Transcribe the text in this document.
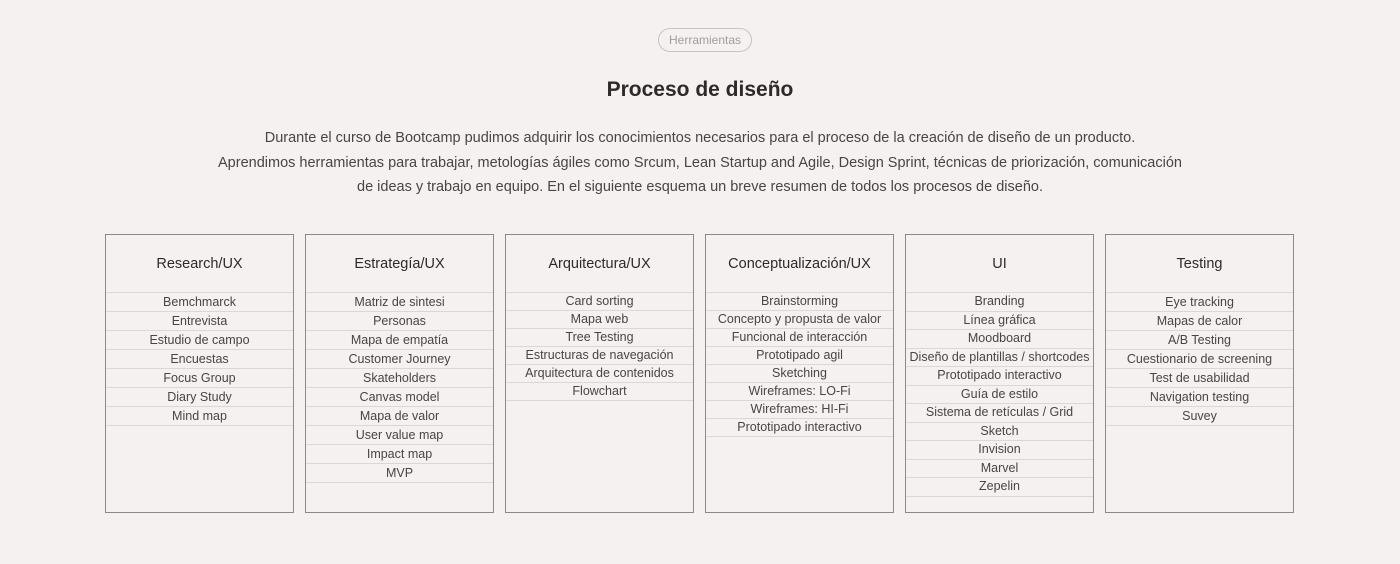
Herramientas
Proceso de diseño
Durante el curso de Bootcamp pudimos adquirir los conocimientos necesarios para el proceso de la creación de diseño de un producto.
Aprendimos herramientas para trabajar, metologías ágiles como Srcum, Lean Startup and Agile, Design Sprint, técnicas de priorización, comunicación
de ideas y trabajo en equipo. En el siguiente esquema un breve resumen de todos los procesos de diseño.
Research/UX
Bemchmarck
Entrevista
Estudio de campo
Encuestas
Focus Group
Diary Study
Mind map
Estrategía/UX
Matriz de sintesi
Personas
Mapa de empatía
Customer Journey
Skateholders
Canvas model
Mapa de valor
User value map
Impact map
MVP
Arquitectura/UX
Card sorting
Mapa web
Tree Testing
Estructuras de navegación
Arquitectura de contenidos
Flowchart
Conceptualización/UX
Brainstorming
Concepto y propusta de valor
Funcional de interacción
Prototipado agil
Sketching
Wireframes: LO-Fi
Wireframes: HI-Fi
Prototipado interactivo
UI
Branding
Línea gráfica
Moodboard
Diseño de plantillas / shortcodes
Prototipado interactivo
Guía de estilo
Sistema de retículas / Grid
Sketch
Invision
Marvel
Zepelin
Testing
Eye tracking
Mapas de calor
A/B Testing
Cuestionario de screening
Test de usabilidad
Navigation testing
Suvey
